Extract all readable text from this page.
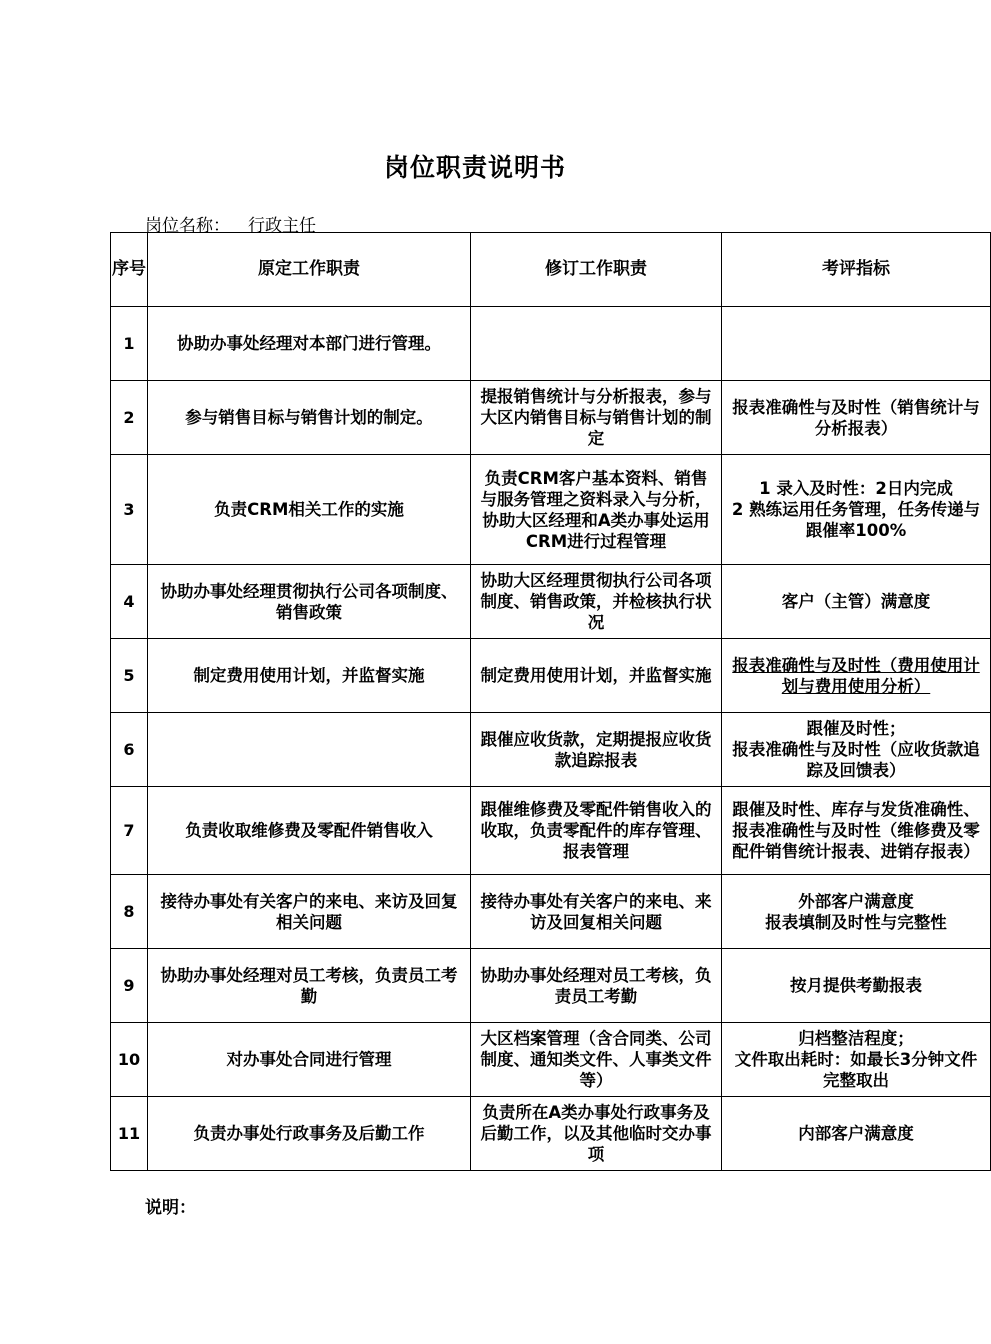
岗位职责说明书
岗位名称： 行政主任
序号	原定工作职责	修订工作职责	考评指标
1	协助办事处经理对本部门进行管理。		
2	参与销售目标与销售计划的制定。	提报销售统计与分析报表，参与大区内销售目标与销售计划的制定	报表准确性与及时性（销售统计与分析报表）
3	负责CRM相关工作的实施	负责CRM客户基本资料、销售与服务管理之资料录入与分析，协助大区经理和A类办事处运用CRM进行过程管理	1 录入及时性：2日内完成
2 熟练运用任务管理，任务传递与跟催率100%
4	协助办事处经理贯彻执行公司各项制度、销售政策	协助大区经理贯彻执行公司各项制度、销售政策，并检核执行状况	客户（主管）满意度
5	制定费用使用计划，并监督实施	制定费用使用计划，并监督实施	报表准确性与及时性（费用使用计划与费用使用分析）
6		跟催应收货款，定期提报应收货款追踪报表	跟催及时性；
报表准确性与及时性（应收货款追踪及回馈表）
7	负责收取维修费及零配件销售收入	跟催维修费及零配件销售收入的收取，负责零配件的库存管理、报表管理	跟催及时性、库存与发货准确性、报表准确性与及时性（维修费及零配件销售统计报表、进销存报表）
8	接待办事处有关客户的来电、来访及回复相关问题	接待办事处有关客户的来电、来访及回复相关问题	外部客户满意度
报表填制及时性与完整性
9	协助办事处经理对员工考核，负责员工考勤	协助办事处经理对员工考核，负责员工考勤	按月提供考勤报表
10	对办事处合同进行管理	大区档案管理（含合同类、公司制度、通知类文件、人事类文件等）	归档整洁程度；
文件取出耗时：如最长3分钟文件完整取出
11	负责办事处行政事务及后勤工作	负责所在A类办事处行政事务及后勤工作，以及其他临时交办事项	内部客户满意度
说明：
